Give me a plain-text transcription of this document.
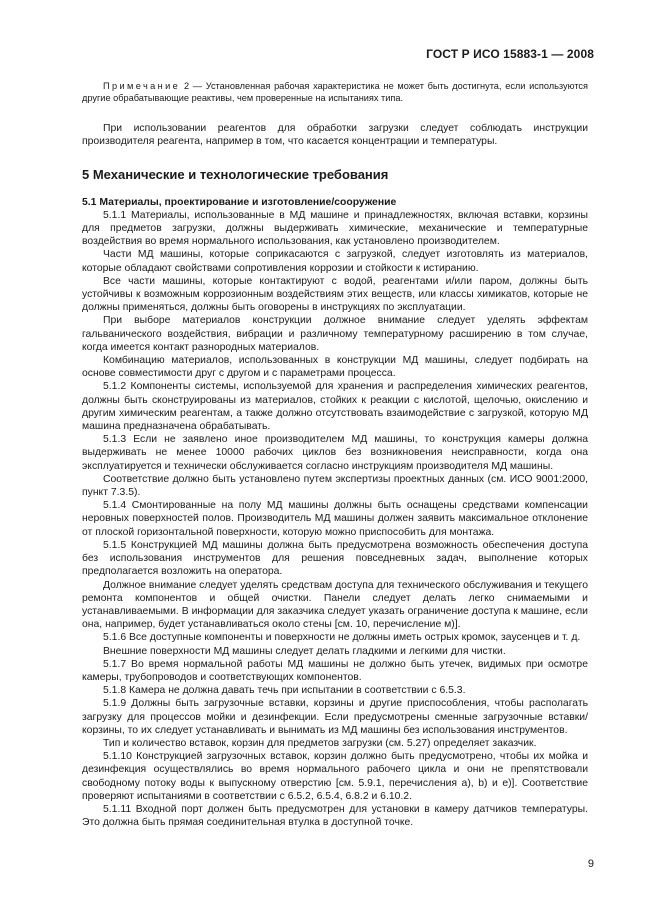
ГОСТ Р ИСО 15883-1 — 2008

Примечание 2 — Установленная рабочая характеристика не может быть достигнута, если используются другие обрабатывающие реактивы, чем проверенные на испытаниях типа.

При использовании реагентов для обработки загрузки следует соблюдать инструкции производителя реагента, например в том, что касается концентрации и температуры.

5 Механические и технологические требования

5.1 Материалы, проектирование и изготовление/сооружение

5.1.1 Материалы, использованные в МД машине и принадлежностях, включая вставки, корзины для предметов загрузки, должны выдерживать химические, механические и температурные воздействия во время нормального использования, как установлено производителем.

Части МД машины, которые соприкасаются с загрузкой, следует изготовлять из материалов, которые обладают свойствами сопротивления коррозии и стойкости к истиранию.

Все части машины, которые контактируют с водой, реагентами и/или паром, должны быть устойчивы к возможным коррозионным воздействиям этих веществ, или классы химикатов, которые не должны применяться, должны быть оговорены в инструкциях по эксплуатации.

При выборе материалов конструкции должное внимание следует уделять эффектам гальванического воздействия, вибрации и различному температурному расширению в том случае, когда имеется контакт разнородных материалов.

Комбинацию материалов, использованных в конструкции МД машины, следует подбирать на основе совместимости друг с другом и с параметрами процесса.

5.1.2 Компоненты системы, используемой для хранения и распределения химических реагентов, должны быть сконструированы из материалов, стойких к реакции с кислотой, щелочью, окислению и другим химическим реагентам, а также должно отсутствовать взаимодействие с загрузкой, которую МД машина предназначена обрабатывать.

5.1.3 Если не заявлено иное производителем МД машины, то конструкция камеры должна выдерживать не менее 10000 рабочих циклов без возникновения неисправности, когда она эксплуатируется и технически обслуживается согласно инструкциям производителя МД машины.

Соответствие должно быть установлено путем экспертизы проектных данных (см. ИСО 9001:2000, пункт 7.3.5).

5.1.4 Смонтированные на полу МД машины должны быть оснащены средствами компенсации неровных поверхностей полов. Производитель МД машины должен заявить максимальное отклонение от плоской горизонтальной поверхности, которую можно приспособить для монтажа.

5.1.5 Конструкцией МД машины должна быть предусмотрена возможность обеспечения доступа без использования инструментов для решения повседневных задач, выполнение которых предполагается возложить на оператора.

Должное внимание следует уделять средствам доступа для технического обслуживания и текущего ремонта компонентов и общей очистки. Панели следует делать легко снимаемыми и устанавливаемыми. В информации для заказчика следует указать ограничение доступа к машине, если она, например, будет устанавливаться около стены [см. 10, перечисление м)].

5.1.6 Все доступные компоненты и поверхности не должны иметь острых кромок, заусенцев и т. д.

Внешние поверхности МД машины следует делать гладкими и легкими для чистки.

5.1.7 Во время нормальной работы МД машины не должно быть утечек, видимых при осмотре камеры, трубопроводов и соответствующих компонентов.

5.1.8 Камера не должна давать течь при испытании в соответствии с 6.5.3.

5.1.9 Должны быть загрузочные вставки, корзины и другие приспособления, чтобы располагать загрузку для процессов мойки и дезинфекции. Если предусмотрены сменные загрузочные вставки/корзины, то их следует устанавливать и вынимать из МД машины без использования инструментов.

Тип и количество вставок, корзин для предметов загрузки (см. 5.27) определяет заказчик.

5.1.10 Конструкцией загрузочных вставок, корзин должно быть предусмотрено, чтобы их мойка и дезинфекция осуществлялись во время нормального рабочего цикла и они не препятствовали свободному потоку воды к выпускному отверстию [см. 5.9.1, перечисления а), b) и е)]. Соответствие проверяют испытаниями в соответствии с 6.5.2, 6.5.4, 6.8.2 и 6.10.2.

5.1.11 Входной порт должен быть предусмотрен для установки в камеру датчиков температуры. Это должна быть прямая соединительная втулка в доступной точке.

9
